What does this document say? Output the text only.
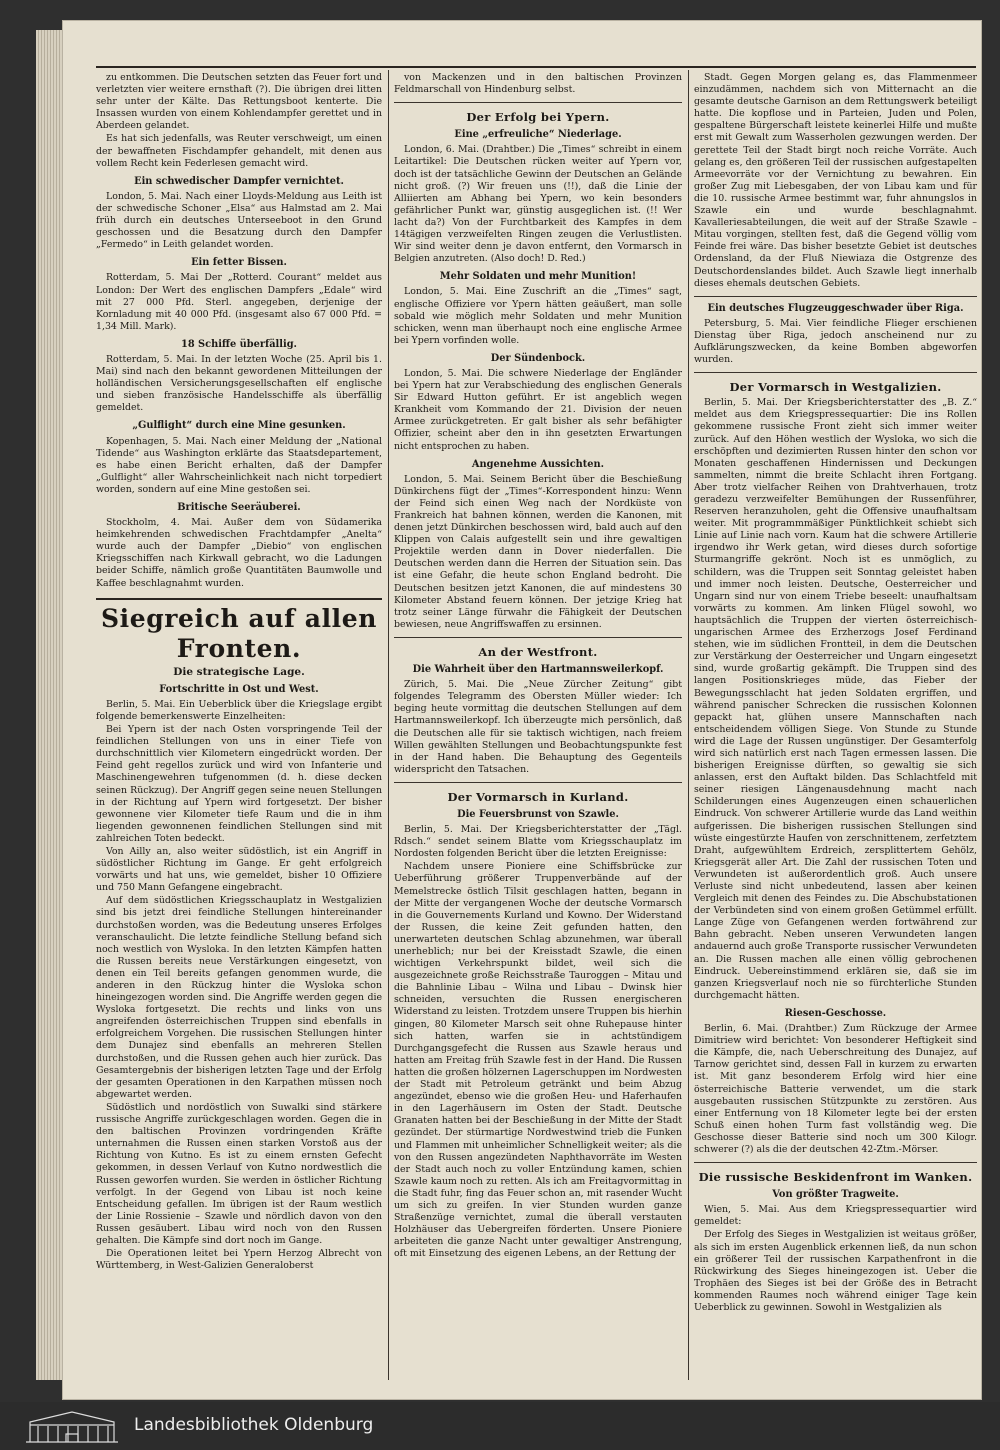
zu entkommen. Die Deutschen setzten das Feuer fort und verletzten vier weitere ernsthaft (?). Die übrigen drei litten sehr unter der Kälte. Das Rettungsboot kenterte. Die Insassen wurden von einem Kohlendampfer gerettet und in Aberdeen gelandet.

Es hat sich jedenfalls, was Reuter verschweigt, um einen der bewaffneten Fischdampfer gehandelt, mit denen aus vollem Recht kein Federlesen gemacht wird.

Ein schwedischer Dampfer vernichtet.

London, 5. Mai. Nach einer Lloyds-Meldung aus Leith ist der schwedische Schoner „Elsa“ aus Halmstad am 2. Mai früh durch ein deutsches Unterseeboot in den Grund geschossen und die Besatzung durch den Dampfer „Fermedo“ in Leith gelandet worden.

Ein fetter Bissen.

Rotterdam, 5. Mai Der „Rotterd. Courant“ meldet aus London: Der Wert des englischen Dampfers „Edale“ wird mit 27 000 Pfd. Sterl. angegeben, derjenige der Kornladung mit 40 000 Pfd. (insgesamt also 67 000 Pfd. = 1,34 Mill. Mark).

18 Schiffe überfällig.

Rotterdam, 5. Mai. In der letzten Woche (25. April bis 1. Mai) sind nach den bekannt gewordenen Mitteilungen der holländischen Versicherungsgesellschaften elf englische und sieben französische Handelsschiffe als überfällig gemeldet.

„Gulflight“ durch eine Mine gesunken.

Kopenhagen, 5. Mai. Nach einer Meldung der „National Tidende“ aus Washington erklärte das Staatsdepartement, es habe einen Bericht erhalten, daß der Dampfer „Gulflight“ aller Wahrscheinlichkeit nach nicht torpediert worden, sondern auf eine Mine gestoßen sei.

Britische Seeräuberei.

Stockholm, 4. Mai. Außer dem von Südamerika heimkehrenden schwedischen Frachtdampfer „Anelta“ wurde auch der Dampfer „Diebio“ von englischen Kriegsschiffen nach Kirkwall gebracht, wo die Ladungen beider Schiffe, nämlich große Quantitäten Baumwolle und Kaffee beschlagnahmt wurden.

Siegreich auf allen Fronten.
Die strategische Lage.
Fortschritte in Ost und West.

Berlin, 5. Mai. Ein Ueberblick über die Kriegslage ergibt folgende bemerkenswerte Einzelheiten:

Bei Ypern ist der nach Osten vorspringende Teil der feindlichen Stellungen von uns in einer Tiefe von durchschnittlich vier Kilometern eingedrückt worden. Der Feind geht regellos zurück und wird von Infanterie und Maschinengewehren tufgenommen (d. h. diese decken seinen Rückzug). Der Angriff gegen seine neuen Stellungen in der Richtung auf Ypern wird fortgesetzt. Der bisher gewonnene vier Kilometer tiefe Raum und die in ihm liegenden gewonnenen feindlichen Stellungen sind mit zahlreichen Toten bedeckt.

Von Ailly an, also weiter südöstlich, ist ein Angriff in südöstlicher Richtung im Gange. Er geht erfolgreich vorwärts und hat uns, wie gemeldet, bisher 10 Offiziere und 750 Mann Gefangene eingebracht.

Auf dem südöstlichen Kriegsschauplatz in Westgalizien sind bis jetzt drei feindliche Stellungen hintereinander durchstoßen worden, was die Bedeutung unseres Erfolges veranschaulicht. Die letzte feindliche Stellung befand sich noch westlich von Wysloka. In den letzten Kämpfen hatten die Russen bereits neue Verstärkungen eingesetzt, von denen ein Teil bereits gefangen genommen wurde, die anderen in den Rückzug hinter die Wysloka schon hineingezogen worden sind. Die Angriffe werden gegen die Wysloka fortgesetzt. Die rechts und links von uns angreifenden österreichischen Truppen sind ebenfalls in erfolgreichem Vorgehen. Die russischen Stellungen hinter dem Dunajez sind ebenfalls an mehreren Stellen durchstoßen, und die Russen gehen auch hier zurück. Das Gesamtergebnis der bisherigen letzten Tage und der Erfolg der gesamten Operationen in den Karpathen müssen noch abgewartet werden.

Südöstlich und nordöstlich von Suwalki sind stärkere russische Angriffe zurückgeschlagen worden. Gegen die in den baltischen Provinzen vordringenden Kräfte unternahmen die Russen einen starken Vorstoß aus der Richtung von Kutno. Es ist zu einem ernsten Gefecht gekommen, in dessen Verlauf von Kutno nordwestlich die Russen geworfen wurden. Sie werden in östlicher Richtung verfolgt. In der Gegend von Libau ist noch keine Entscheidung gefallen. Im übrigen ist der Raum westlich der Linie Rossienie – Szawle und nördlich davon von den Russen gesäubert. Libau wird noch von den Russen gehalten. Die Kämpfe sind dort noch im Gange.

Die Operationen leitet bei Ypern Herzog Albrecht von Württemberg, in West-Galizien Generaloberst

von Mackenzen und in den baltischen Provinzen Feldmarschall von Hindenburg selbst.

Der Erfolg bei Ypern.
Eine „erfreuliche“ Niederlage.

London, 6. Mai. (Drahtber.) Die „Times“ schreibt in einem Leitartikel: Die Deutschen rücken weiter auf Ypern vor, doch ist der tatsächliche Gewinn der Deutschen an Gelände nicht groß. (?) Wir freuen uns (!!), daß die Linie der Alliierten am Abhang bei Ypern, wo kein besonders gefährlicher Punkt war, günstig ausgeglichen ist. (!! Wer lacht da?) Von der Furchtbarkeit des Kampfes in dem 14tägigen verzweifelten Ringen zeugen die Verlustlisten. Wir sind weiter denn je davon entfernt, den Vormarsch in Belgien anzutreten. (Also doch! D. Red.)

Mehr Soldaten und mehr Munition!

London, 5. Mai. Eine Zuschrift an die „Times“ sagt, englische Offiziere vor Ypern hätten geäußert, man solle sobald wie möglich mehr Soldaten und mehr Munition schicken, wenn man überhaupt noch eine englische Armee bei Ypern vorfinden wolle.

Der Sündenbock.

London, 5. Mai. Die schwere Niederlage der Engländer bei Ypern hat zur Verabschiedung des englischen Generals Sir Edward Hutton geführt. Er ist angeblich wegen Krankheit vom Kommando der 21. Division der neuen Armee zurückgetreten. Er galt bisher als sehr befähigter Offizier, scheint aber den in ihn gesetzten Erwartungen nicht entsprochen zu haben.

Angenehme Aussichten.

London, 5. Mai. Seinem Bericht über die Beschießung Dünkirchens fügt der „Times“-Korrespondent hinzu: Wenn der Feind sich einen Weg nach der Nordküste von Frankreich hat bahnen können, werden die Kanonen, mit denen jetzt Dünkirchen beschossen wird, bald auch auf den Klippen von Calais aufgestellt sein und ihre gewaltigen Projektile werden dann in Dover niederfallen. Die Deutschen werden dann die Herren der Situation sein. Das ist eine Gefahr, die heute schon England bedroht. Die Deutschen besitzen jetzt Kanonen, die auf mindestens 30 Kilometer Abstand feuern können. Der jetzige Krieg hat trotz seiner Länge fürwahr die Fähigkeit der Deutschen bewiesen, neue Angriffswaffen zu ersinnen.

An der Westfront.
Die Wahrheit über den Hartmannsweilerkopf.

Zürich, 5. Mai. Die „Neue Zürcher Zeitung“ gibt folgendes Telegramm des Obersten Müller wieder: Ich beging heute vormittag die deutschen Stellungen auf dem Hartmannsweilerkopf. Ich überzeugte mich persönlich, daß die Deutschen alle für sie taktisch wichtigen, nach freiem Willen gewählten Stellungen und Beobachtungspunkte fest in der Hand haben. Die Behauptung des Gegenteils widerspricht den Tatsachen.

Der Vormarsch in Kurland.
Die Feuersbrunst von Szawle.

Berlin, 5. Mai. Der Kriegsberichterstatter der „Tägl. Rdsch.“ sendet seinem Blatte vom Kriegsschauplatz im Nordosten folgenden Bericht über die letzten Ereignisse:

Nachdem unsere Pioniere eine Schiffsbrücke zur Ueberführung größerer Truppenverbände auf der Memelstrecke östlich Tilsit geschlagen hatten, begann in der Mitte der vergangenen Woche der deutsche Vormarsch in die Gouvernements Kurland und Kowno. Der Widerstand der Russen, die keine Zeit gefunden hatten, den unerwarteten deutschen Schlag abzunehmen, war überall unerheblich; nur bei der Kreisstadt Szawle, die einen wichtigen Verkehrspunkt bildet, weil sich die ausgezeichnete große Reichsstraße Tauroggen – Mitau und die Bahnlinie Libau – Wilna und Libau – Dwinsk hier schneiden, versuchten die Russen energischeren Widerstand zu leisten. Trotzdem unsere Truppen bis hierhin gingen, 80 Kilometer Marsch seit ohne Ruhepause hinter sich hatten, warfen sie in achtstündigem Durchgangsgefecht die Russen aus Szawle heraus und hatten am Freitag früh Szawle fest in der Hand. Die Russen hatten die großen hölzernen Lagerschuppen im Nordwesten der Stadt mit Petroleum getränkt und beim Abzug angezündet, ebenso wie die großen Heu- und Haferhaufen in den Lagerhäusern im Osten der Stadt. Deutsche Granaten hatten bei der Beschießung in der Mitte der Stadt gezündet. Der stürmartige Nordwestwind trieb die Funken und Flammen mit unheimlicher Schnelligkeit weiter; als die von den Russen angezündeten Naphthavorräte im Westen der Stadt auch noch zu voller Entzündung kamen, schien Szawle kaum noch zu retten. Als ich am Freitagvormittag in die Stadt fuhr, fing das Feuer schon an, mit rasender Wucht um sich zu greifen. In vier Stunden wurden ganze Straßenzüge vernichtet, zumal die überall verstauten Holzhäuser das Uebergreifen förderten. Unsere Pioniere arbeiteten die ganze Nacht unter gewaltiger Anstrengung, oft mit Einsetzung des eigenen Lebens, an der Rettung der

Stadt. Gegen Morgen gelang es, das Flammenmeer einzudämmen, nachdem sich von Mitternacht an die gesamte deutsche Garnison an dem Rettungswerk beteiligt hatte. Die kopflose und in Parteien, Juden und Polen, gespaltene Bürgerschaft leistete keinerlei Hilfe und mußte erst mit Gewalt zum Wasserholen gezwungen werden. Der gerettete Teil der Stadt birgt noch reiche Vorräte. Auch gelang es, den größeren Teil der russischen aufgestapelten Armeevorräte vor der Vernichtung zu bewahren. Ein großer Zug mit Liebesgaben, der von Libau kam und für die 10. russische Armee bestimmt war, fuhr ahnungslos in Szawle ein und wurde beschlagnahmt. Kavalleriesabteilungen, die weit auf der Straße Szawle – Mitau vorgingen, stellten fest, daß die Gegend völlig vom Feinde frei wäre. Das bisher besetzte Gebiet ist deutsches Ordensland, da der Fluß Niewiaza die Ostgrenze des Deutschordenslandes bildet. Auch Szawle liegt innerhalb dieses ehemals deutschen Gebiets.

Ein deutsches Flugzeuggeschwader über Riga.

Petersburg, 5. Mai. Vier feindliche Flieger erschienen Dienstag über Riga, jedoch anscheinend nur zu Aufklärungszwecken, da keine Bomben abgeworfen wurden.

Der Vormarsch in Westgalizien.

Berlin, 5. Mai. Der Kriegsberichterstatter des „B. Z.“ meldet aus dem Kriegspressequartier: Die ins Rollen gekommene russische Front zieht sich immer weiter zurück. Auf den Höhen westlich der Wysloka, wo sich die erschöpften und dezimierten Russen hinter den schon vor Monaten geschaffenen Hindernissen und Deckungen sammelten, nimmt die breite Schlacht ihren Fortgang. Aber trotz vielfacher Reihen von Drahtverhauen, trotz geradezu verzweifelter Bemühungen der Russenführer, Reserven heranzuholen, geht die Offensive unaufhaltsam weiter. Mit programmmäßiger Pünktlichkeit schiebt sich Linie auf Linie nach vorn. Kaum hat die schwere Artillerie irgendwo ihr Werk getan, wird dieses durch sofortige Sturmangriffe gekrönt. Noch ist es unmöglich, zu schildern, was die Truppen seit Sonntag geleistet haben und immer noch leisten. Deutsche, Oesterreicher und Ungarn sind nur von einem Triebe beseelt: unaufhaltsam vorwärts zu kommen. Am linken Flügel sowohl, wo hauptsächlich die Truppen der vierten österreichisch-ungarischen Armee des Erzherzogs Josef Ferdinand stehen, wie im südlichen Frontteil, in dem die Deutschen zur Verstärkung der Oesterreicher und Ungarn eingesetzt sind, wurde großartig gekämpft. Die Truppen sind des langen Positionskrieges müde, das Fieber der Bewegungsschlacht hat jeden Soldaten ergriffen, und während panischer Schrecken die russischen Kolonnen gepackt hat, glühen unsere Mannschaften nach entscheidendem völligen Siege. Von Stunde zu Stunde wird die Lage der Russen ungünstiger. Der Gesamterfolg wird sich natürlich erst nach Tagen ermessen lassen. Die bisherigen Ereignisse dürften, so gewaltig sie sich anlassen, erst den Auftakt bilden. Das Schlachtfeld mit seiner riesigen Längenausdehnung macht nach Schilderungen eines Augenzeugen einen schauerlichen Eindruck. Von schwerer Artillerie wurde das Land weithin aufgerissen. Die bisherigen russischen Stellungen sind wüste eingestürzte Haufen von zerschnittenem, zerfetztem Draht, aufgewühltem Erdreich, zersplittertem Gehölz, Kriegsgerät aller Art. Die Zahl der russischen Toten und Verwundeten ist außerordentlich groß. Auch unsere Verluste sind nicht unbedeutend, lassen aber keinen Vergleich mit denen des Feindes zu. Die Abschubstationen der Verbündeten sind von einem großen Getümmel erfüllt. Lange Züge von Gefangenen werden fortwährend zur Bahn gebracht. Neben unseren Verwundeten langen andauernd auch große Transporte russischer Verwundeten an. Die Russen machen alle einen völlig gebrochenen Eindruck. Uebereinstimmend erklären sie, daß sie im ganzen Kriegsverlauf noch nie so fürchterliche Stunden durchgemacht hätten.

Riesen-Geschosse.

Berlin, 6. Mai. (Drahtber.) Zum Rückzuge der Armee Dimitriew wird berichtet: Von besonderer Heftigkeit sind die Kämpfe, die, nach Ueberschreitung des Dunajez, auf Tarnow gerichtet sind, dessen Fall in kurzem zu erwarten ist. Mit ganz besonderem Erfolg wird hier eine österreichische Batterie verwendet, um die stark ausgebauten russischen Stützpunkte zu zerstören. Aus einer Entfernung von 18 Kilometer legte bei der ersten Schuß einen hohen Turm fast vollständig weg. Die Geschosse dieser Batterie sind noch um 300 Kilogr. schwerer (?) als die der deutschen 42-Ztm.-Mörser.

Die russische Beskidenfront im Wanken.
Von größter Tragweite.

Wien, 5. Mai. Aus dem Kriegspressequartier wird gemeldet:

Der Erfolg des Sieges in Westgalizien ist weitaus größer, als sich im ersten Augenblick erkennen ließ, da nun schon ein größerer Teil der russischen Karpathenfront in die Rückwirkung des Sieges hineingezogen ist. Ueber die Trophäen des Sieges ist bei der Größe des in Betracht kommenden Raumes noch während einiger Tage kein Ueberblick zu gewinnen. Sowohl in Westgalizien als

Landesbibliothek Oldenburg
